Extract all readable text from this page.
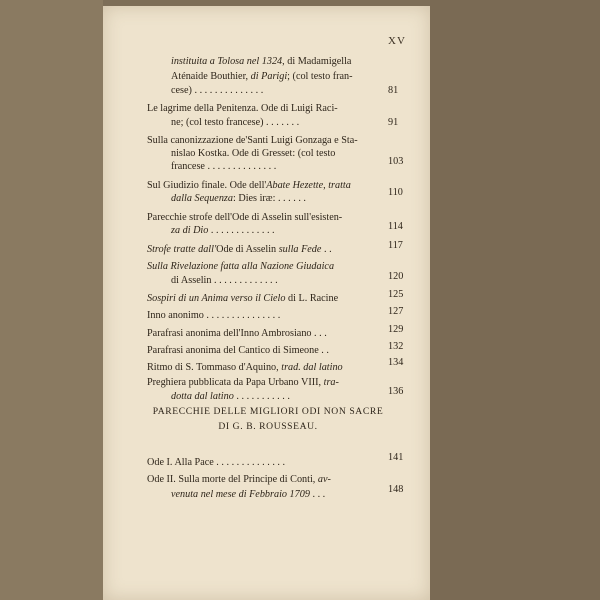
XV
PARECCHIE DELLE MIGLIORI ODI NON SACRE
DI G. B. ROUSSEAU.
instituita a Tolosa nel 1324, di Madamigella
Aténaide Bouthier, di Parigi; (col testo fran-
cese) . . . . . . . . . . . . . .	81
Le lagrime della Penitenza. Ode di Luigi Raci-
ne; (col testo francese) . . . . . . .	91
Sulla canonizzazione de'Santi Luigi Gonzaga e Sta-
nislao Kostka. Ode di Gresset: (col testo
francese . . . . . . . . . . . . . .	103
Sul Giudizio finale. Ode dell'Abate Hezette, tratta
dalla Sequenza: Dies iræ: . . . . . .
110
Parecchie strofe dell'Ode di Asselin sull'esisten-
za di Dio . . . . . . . . . . . . .	114
Strofe tratte dall'Ode di Asselin sulla Fede . .	117
Sulla Rivelazione fatta alla Nazione Giudaica
di Asselin . . . . . . . . . . . . .	120
Sospiri di un Anima verso il Cielo di L. Racine	125
Inno anonimo . . . . . . . . . . . . . . .	127
Parafrasi anonima dell'Inno Ambrosiano . . .	129
Parafrasi anonima del Cantico di Simeone . .	132
Ritmo di S. Tommaso d'Aquino, trad. dal latino	134
Preghiera pubblicata da Papa Urbano VIII, tra-
dotta dal latino . . . . . . . . . . .	136
Ode I. Alla Pace . . . . . . . . . . . . . .	141
Ode II. Sulla morte del Principe di Conti, av-
venuta nel mese di Febbraio 1709 . . .	148
